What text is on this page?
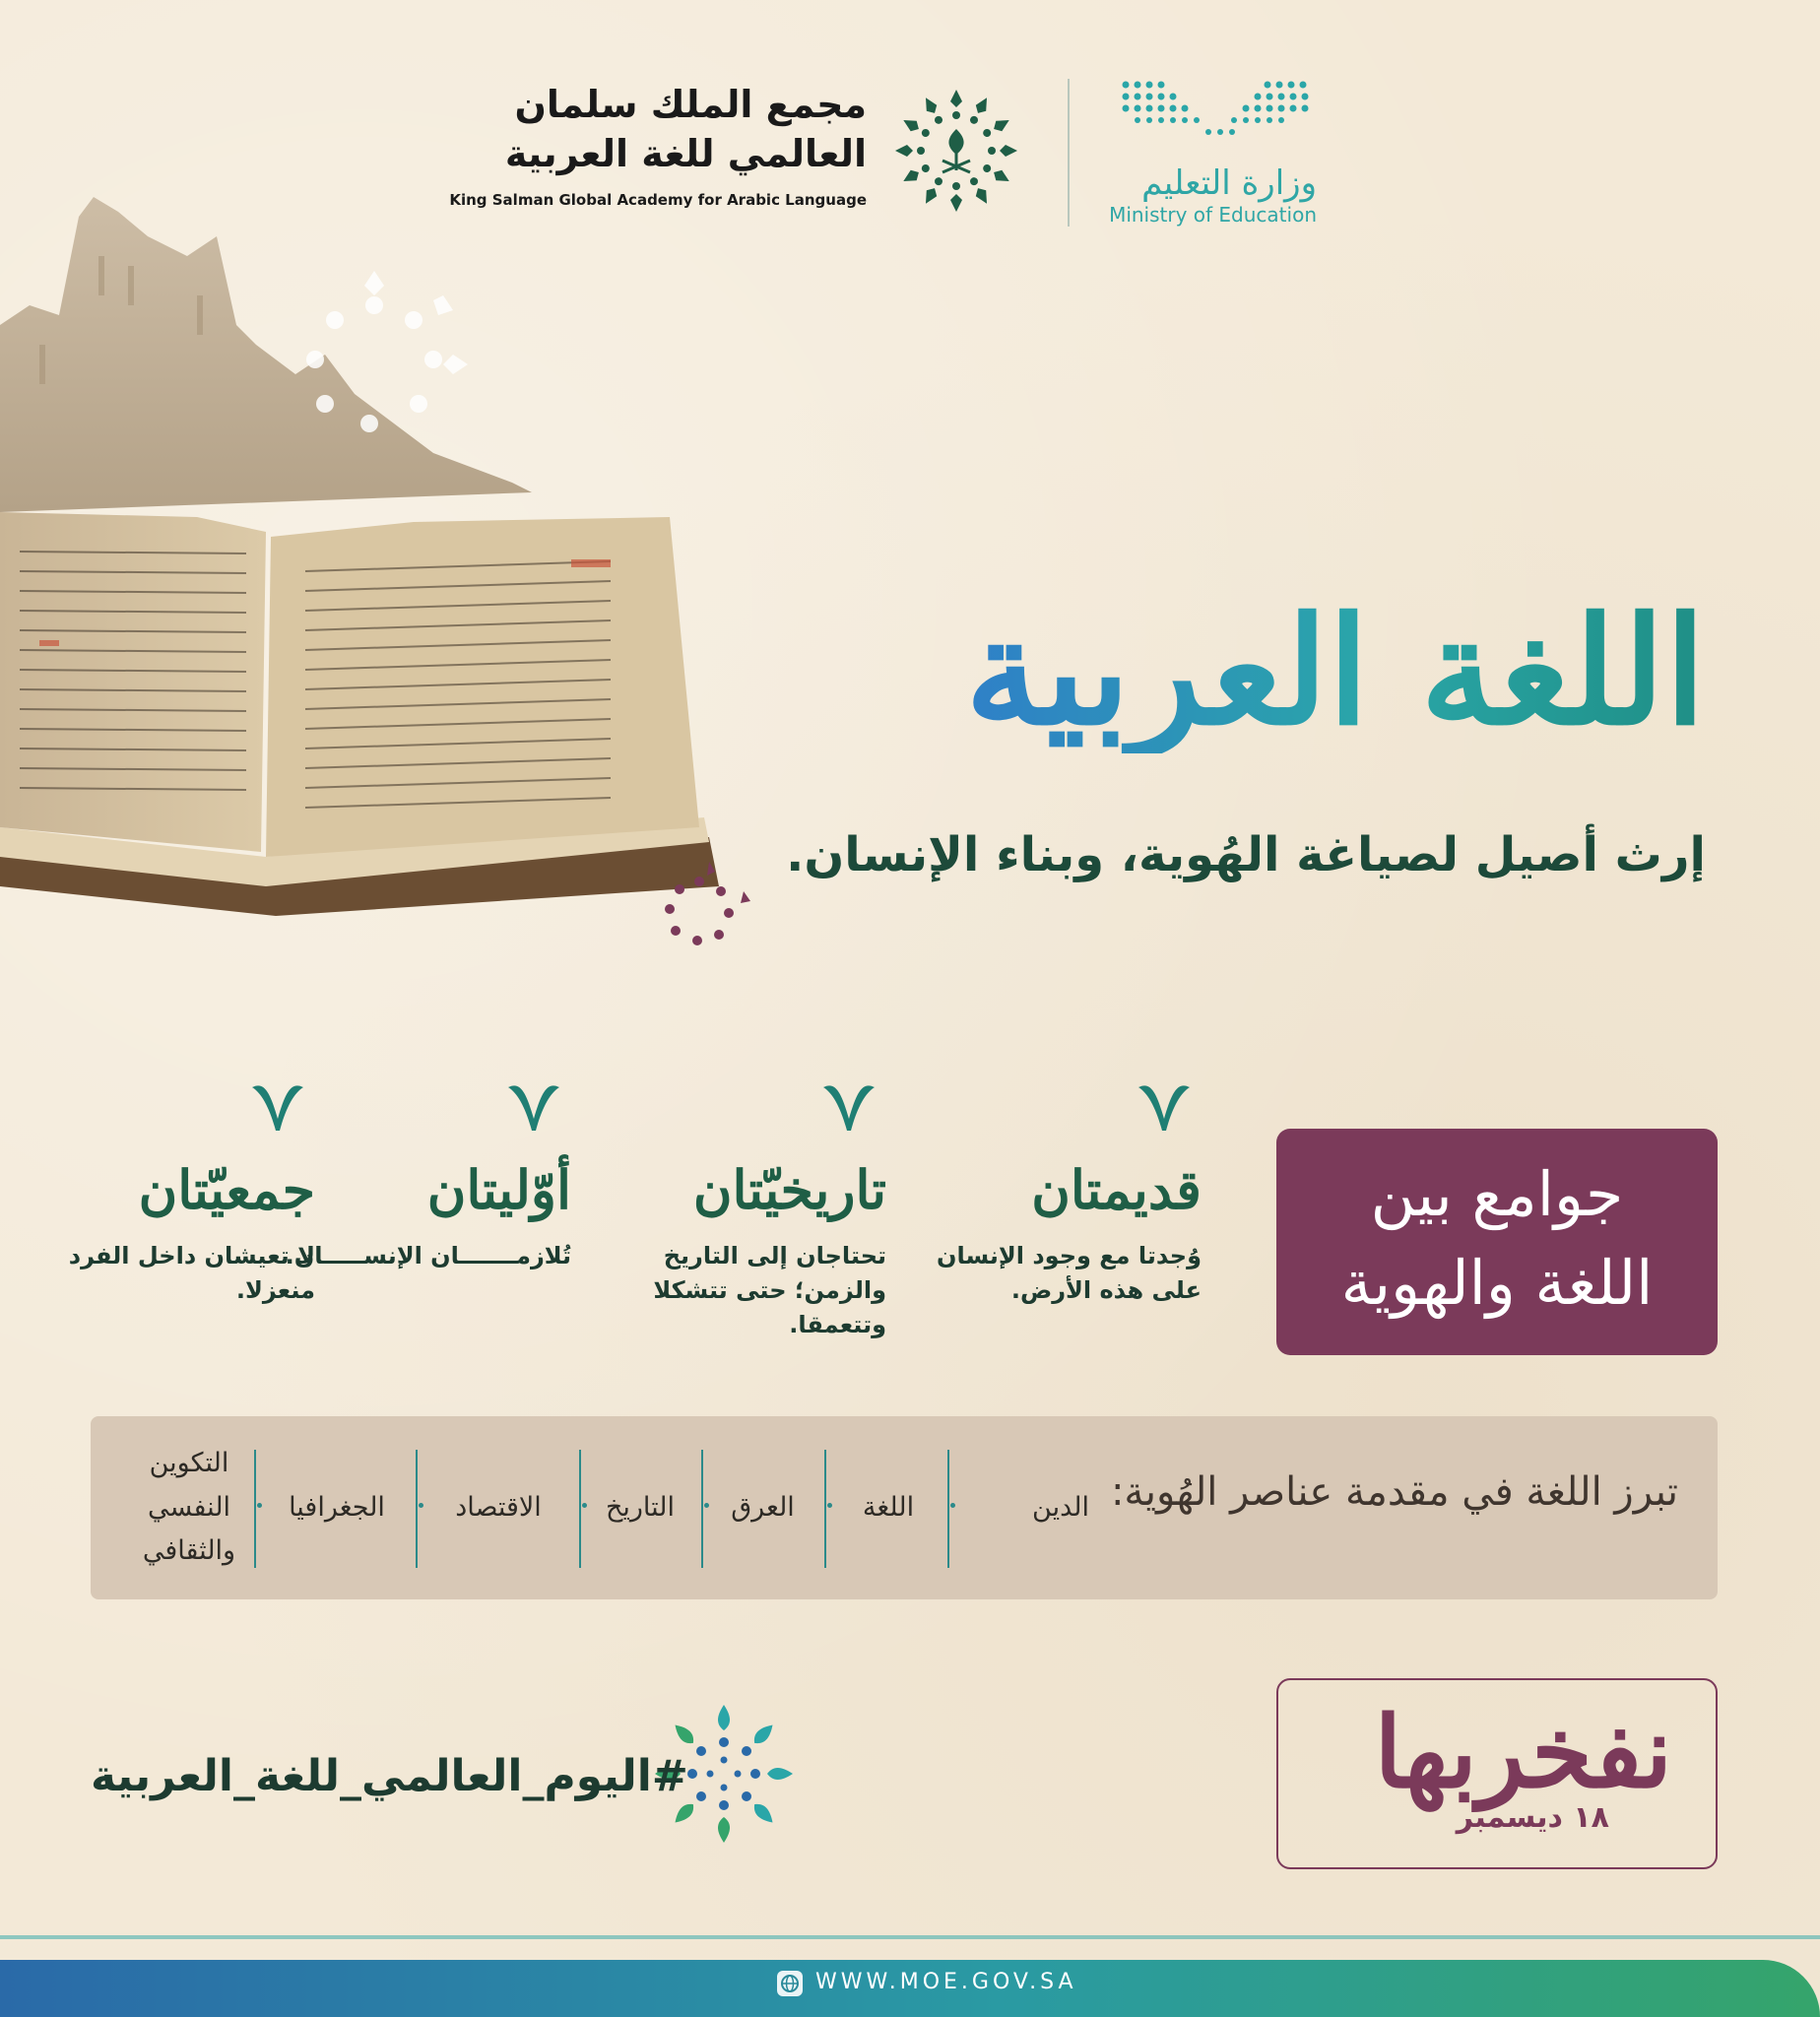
وزارة التعليم
Ministry of Education
مجمع الملك سلمان
العالمي للغة العربية
King Salman Global Academy for Arabic Language
اللغة العربية
إرث أصيل لصياغة الهُوية، وبناء الإنسان.
قديمتان
وُجدتا مع وجود الإنسان على هذه الأرض.
تاريخيّتان
تحتاجان إلى التاريخ والزمن؛ حتى تتشكلا وتتعمقا.
أوّليتان
تُلازمـــــــان الإنســـــان.
جمعيّتان
لا تعيشان داخل الفرد منعزلا.
جوامع بين
اللغة والهوية
تبرز اللغة في مقدمة عناصر الهُوية:
الدين
اللغة
العرق
التاريخ
الاقتصاد
الجغرافيا
التكوين النفسي والثقافي
نفخربها
١٨ ديسمبر
#اليوم_العالمي_للغة_العربية
WWW.MOE.GOV.SA
